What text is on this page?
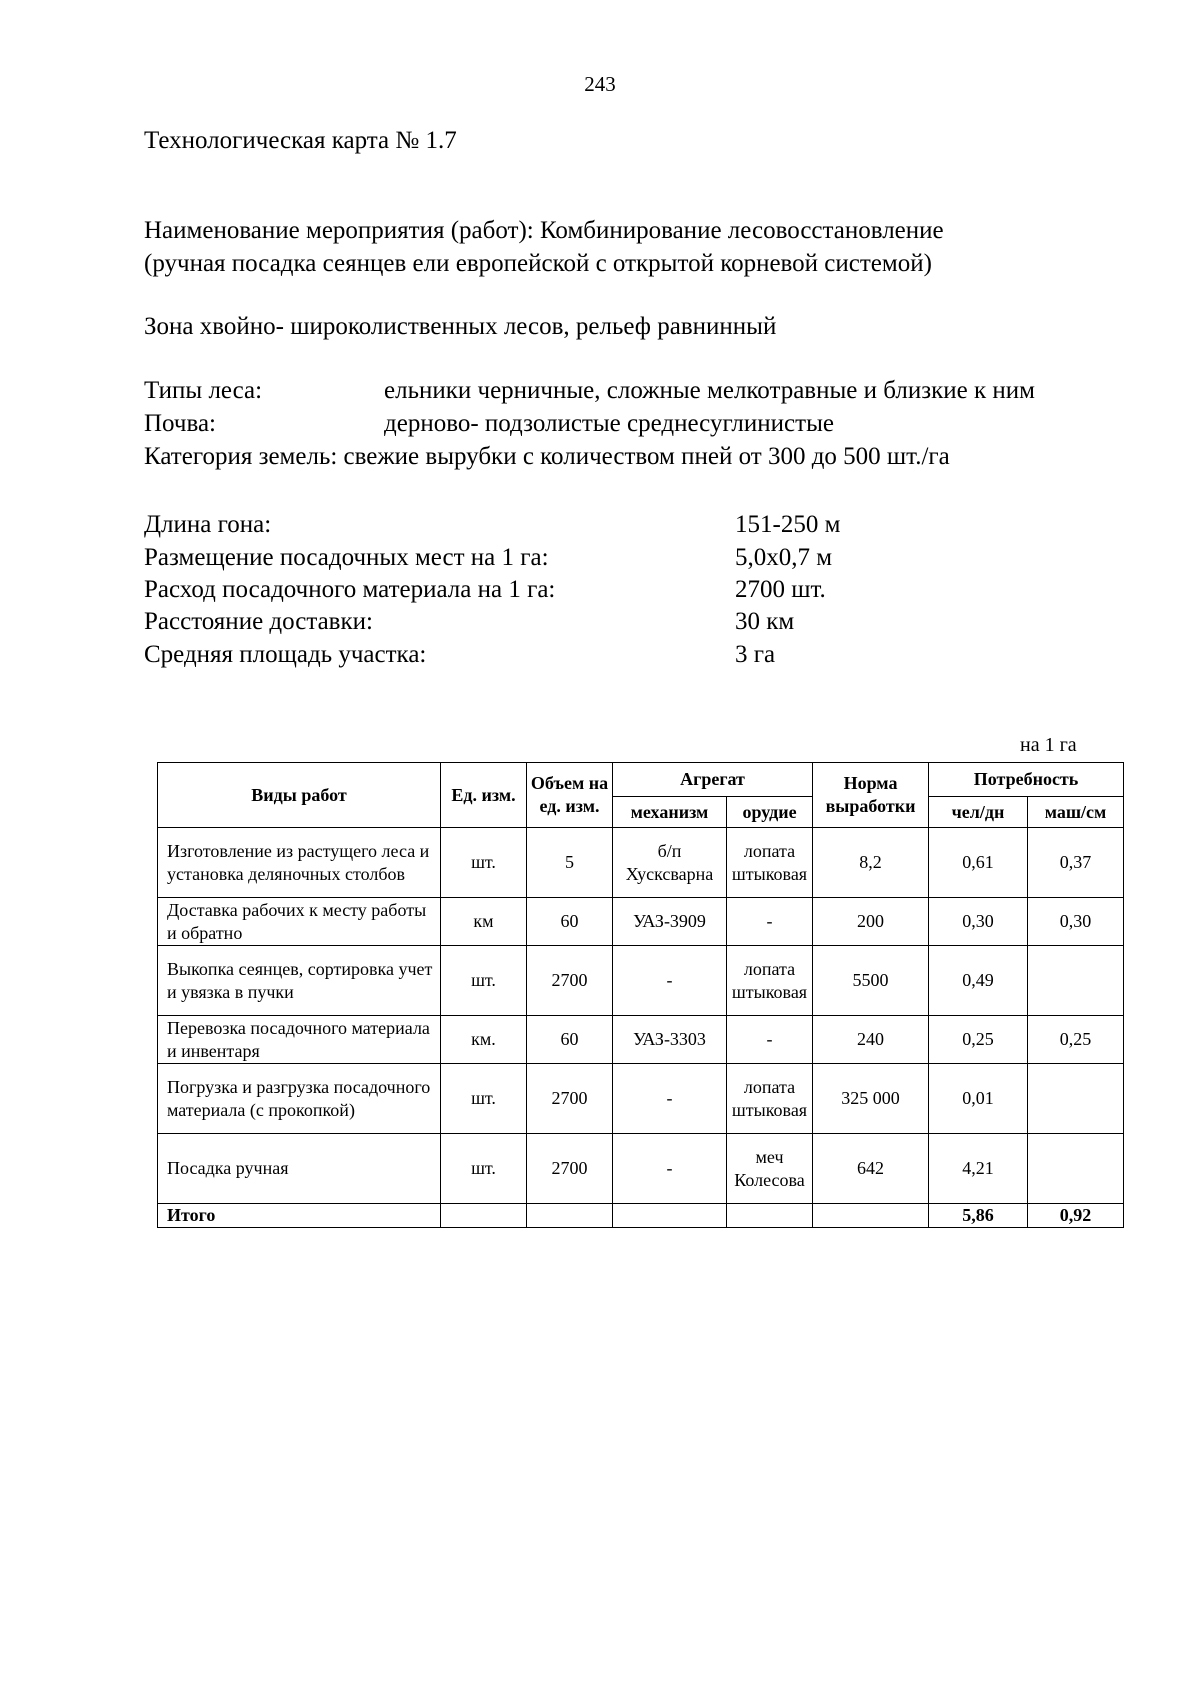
243
Технологическая карта № 1.7
Наименование мероприятия (работ): Комбинирование лесовосстановление
(ручная посадка сеянцев ели европейской с открытой корневой системой)
Зона хвойно- широколиственных лесов, рельеф равнинный
Типы леса:	ельники черничные, сложные мелкотравные и близкие к ним
Почва:	дерново- подзолистые среднесуглинистые
Категория земель: свежие вырубки с количеством пней от 300 до 500 шт./га
Длина гона:	151-250 м
Размещение посадочных мест на 1 га:	5,0х0,7 м
Расход посадочного материала на 1 га:	2700 шт.
Расстояние доставки:	30 км
Средняя площадь участка:	3 га
на 1 га
Виды работ	Ед. изм.	Объем на ед. изм.	Агрегат		Норма выработки	Потребность	
			механизм	орудие		чел/дн	маш/см
Изготовление из растущего леса и установка деляночных столбов	шт.	5	б/п Хусксварна	лопата штыковая	8,2	0,61	0,37
Доставка рабочих к месту работы и обратно	км	60	УАЗ-3909	-	200	0,30	0,30
Выкопка сеянцев, сортировка учет и увязка в пучки	шт.	2700	-	лопата штыковая	5500	0,49	
Перевозка посадочного материала и инвентаря	км.	60	УАЗ-3303	-	240	0,25	0,25
Погрузка и разгрузка посадочного материала (с прокопкой)	шт.	2700	-	лопата штыковая	325 000	0,01	
Посадка ручная	шт.	2700	-	меч Колесова	642	4,21	
Итого						5,86	0,92
